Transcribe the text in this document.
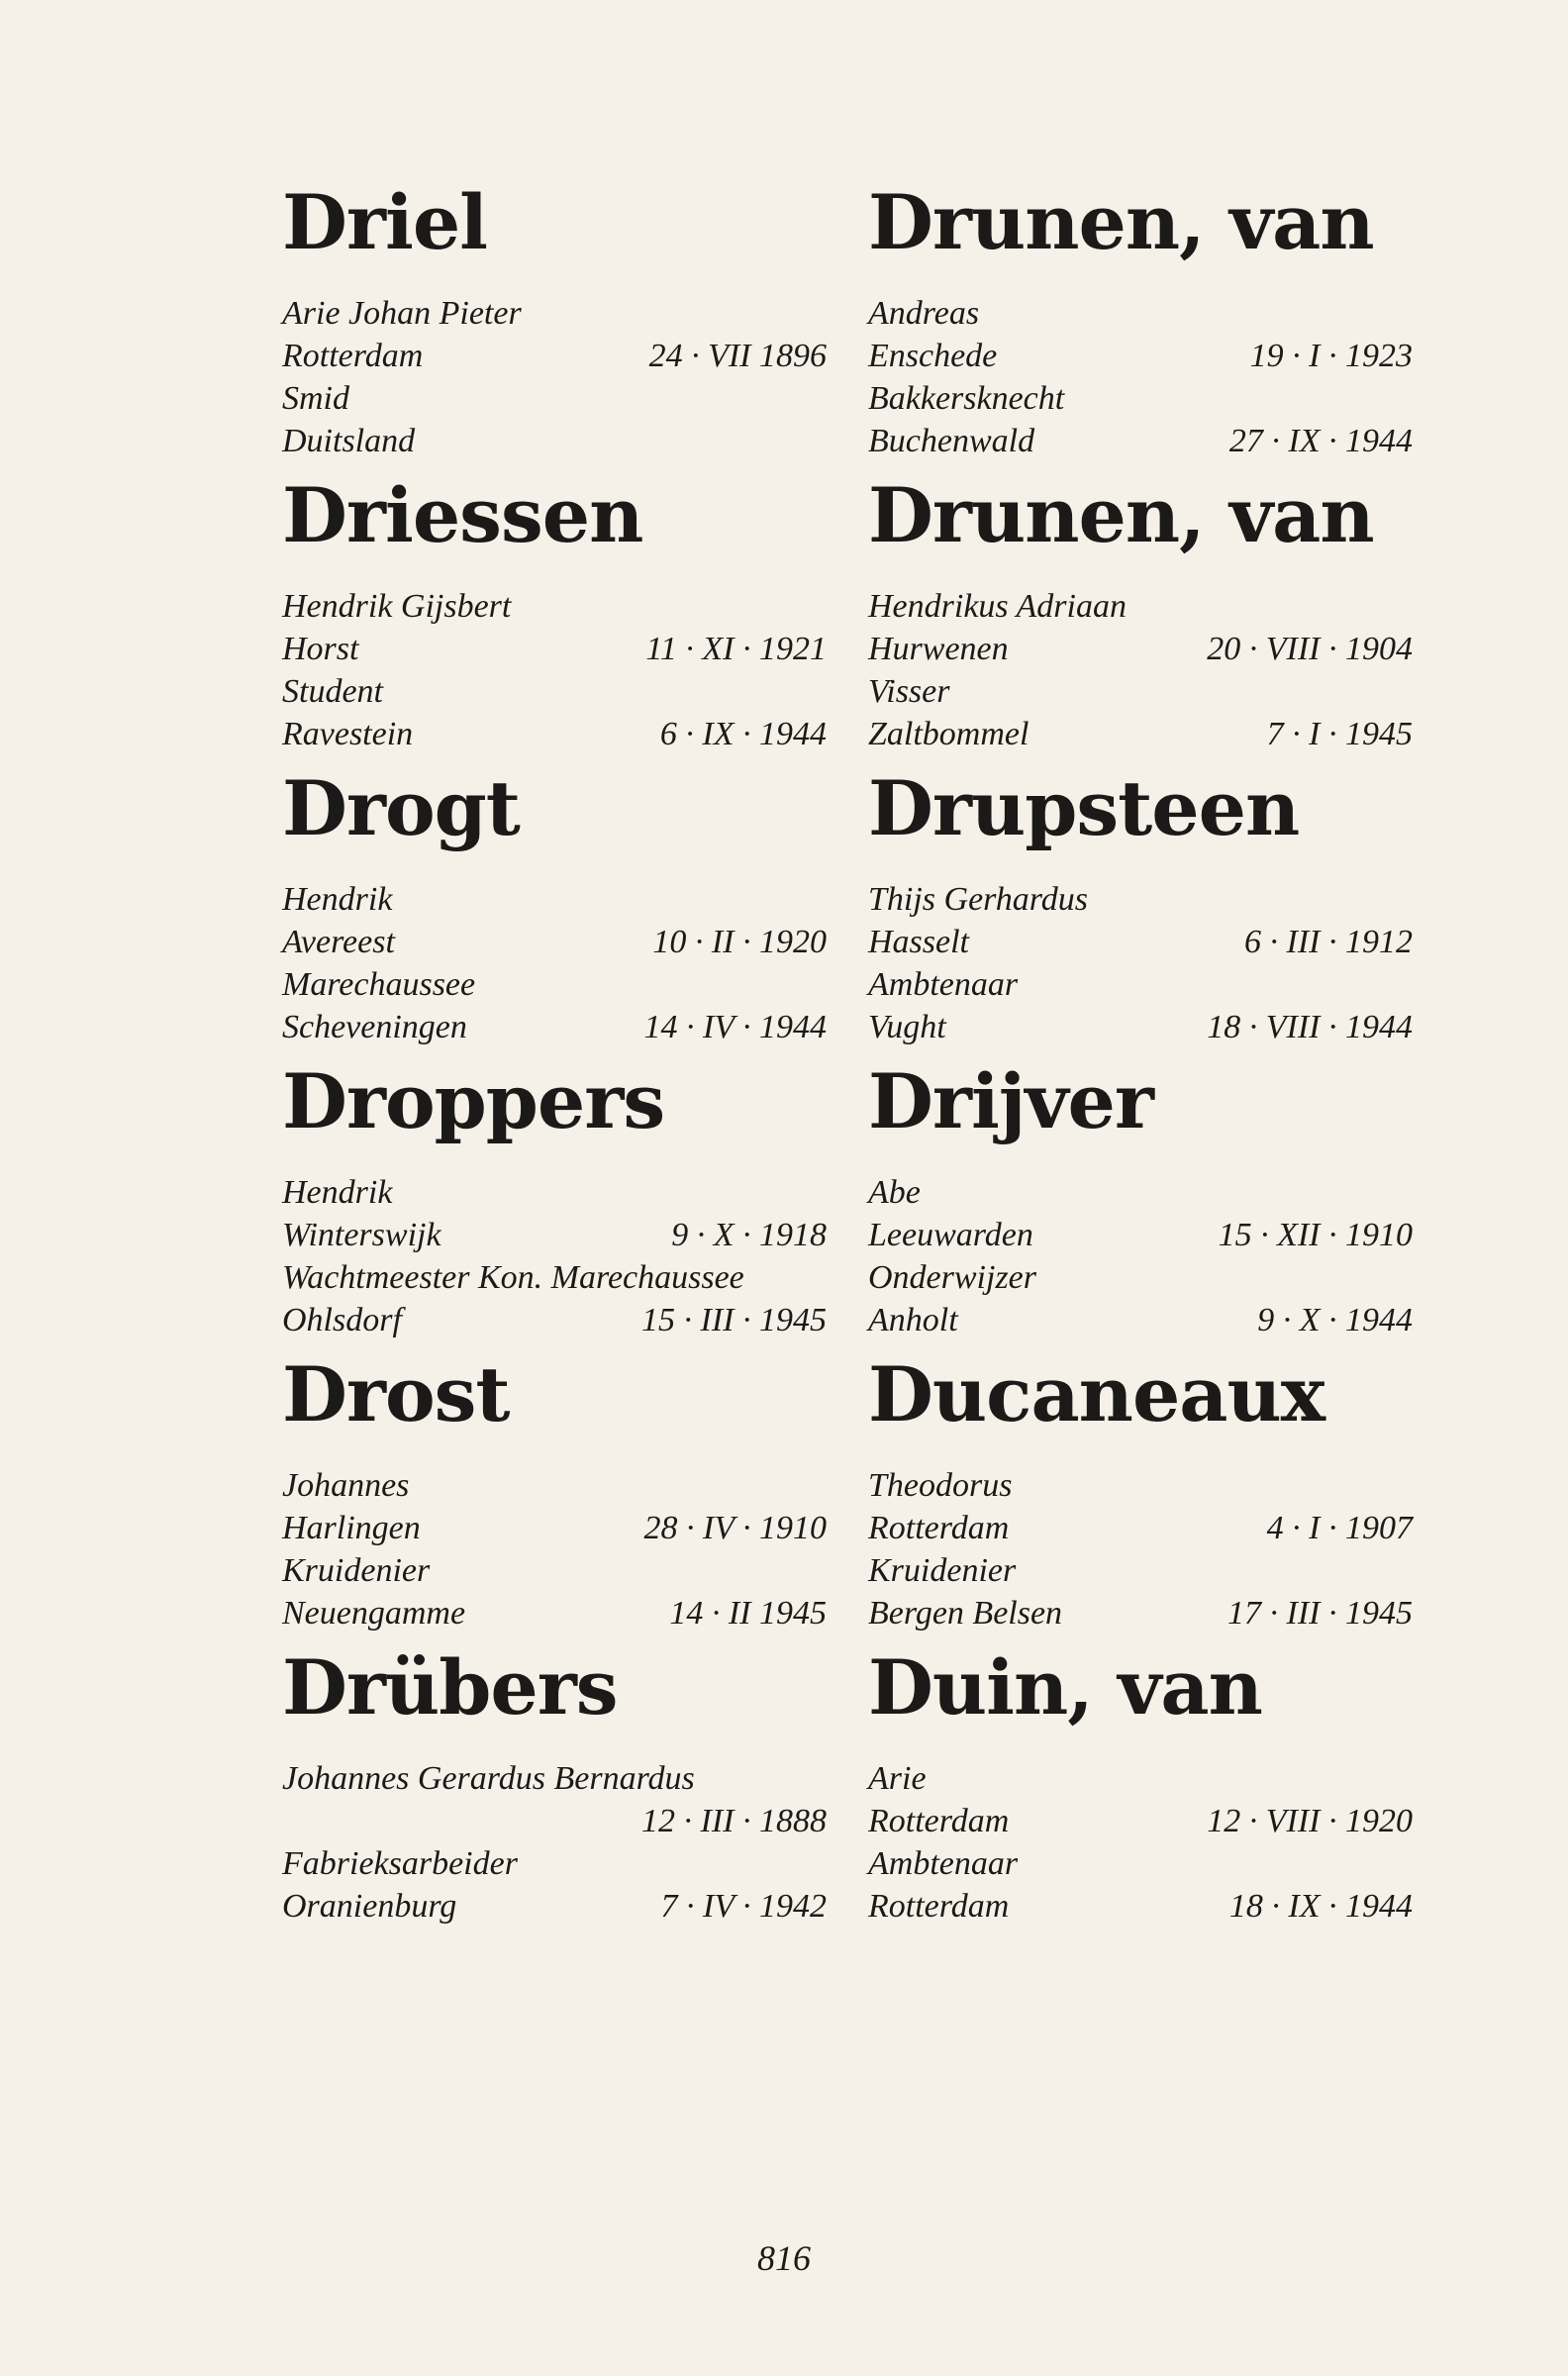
Driel
Arie Johan Pieter
Rotterdam	24 · VII 1896
Smid
Duitsland
Driessen
Hendrik Gijsbert
Horst	11 · XI · 1921
Student
Ravestein	6 · IX · 1944
Drogt
Hendrik
Avereest	10 · II · 1920
Marechaussee
Scheveningen	14 · IV · 1944
Droppers
Hendrik
Winterswijk	9 · X · 1918
Wachtmeester Kon. Marechaussee
Ohlsdorf	15 · III · 1945
Drost
Johannes
Harlingen	28 · IV · 1910
Kruidenier
Neuengamme	14 · II 1945
Drübers
Johannes Gerardus Bernardus
12 · III · 1888
Fabrieksarbeider
Oranienburg	7 · IV · 1942
Drunen, van
Andreas
Enschede	19 · I · 1923
Bakkersknecht
Buchenwald	27 · IX · 1944
Drunen, van
Hendrikus Adriaan
Hurwenen	20 · VIII · 1904
Visser
Zaltbommel	7 · I · 1945
Drupsteen
Thijs Gerhardus
Hasselt	6 · III · 1912
Ambtenaar
Vught	18 · VIII · 1944
Drijver
Abe
Leeuwarden	15 · XII · 1910
Onderwijzer
Anholt	9 · X · 1944
Ducaneaux
Theodorus
Rotterdam	4 · I · 1907
Kruidenier
Bergen Belsen	17 · III · 1945
Duin, van
Arie
Rotterdam	12 · VIII · 1920
Ambtenaar
Rotterdam	18 · IX · 1944
816
